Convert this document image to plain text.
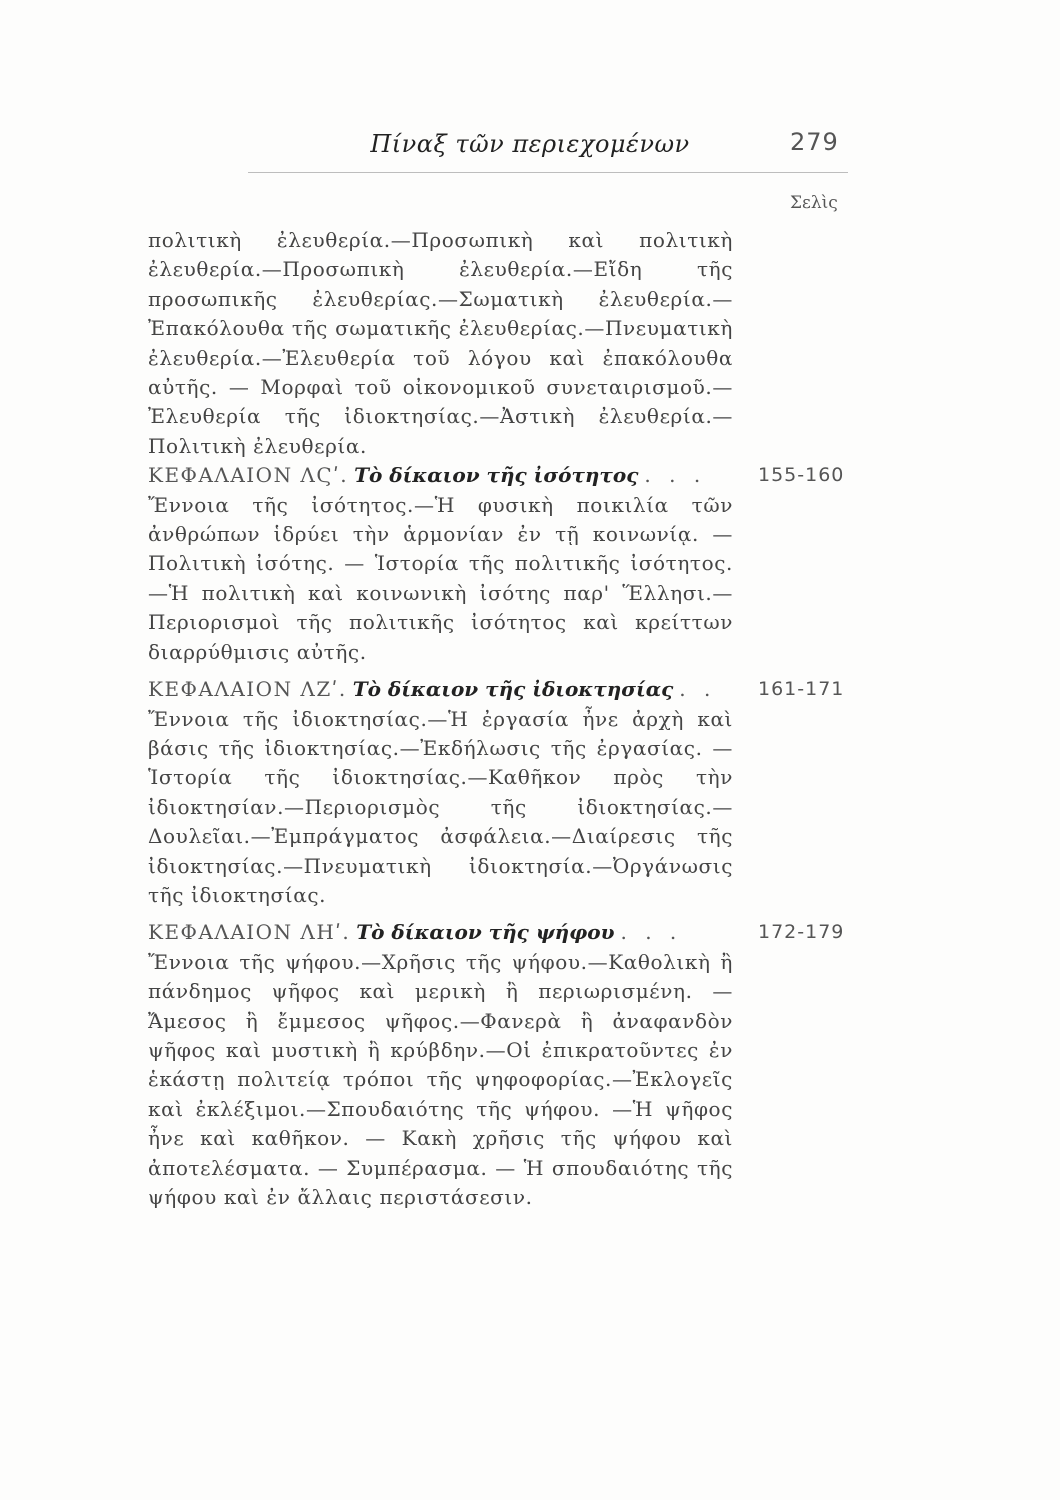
Πίναξ τῶν περιεχομένων	279
Σελὶς

πολιτικὴ ἐλευθερία.—Προσωπικὴ καὶ πολιτικὴ ἐλευθερία.—Προσωπικὴ ἐλευθερία.—Εἴδη τῆς προσωπικῆς ἐλευθερίας.—Σωματικὴ ἐλευθερία.—Ἐπακόλουθα τῆς σωματικῆς ἐλευθερίας.—Πνευματικὴ ἐλευθερία.—Ἐλευθερία τοῦ λόγου καὶ ἐπακόλουθα αὐτῆς. — Μορφαὶ τοῦ οἰκονομικοῦ συνεταιρισμοῦ.—Ἐλευθερία τῆς ἰδιοκτησίας.—Ἀστικὴ ἐλευθερία.—Πολιτικὴ ἐλευθερία.

ΚΕΦΑΛΑΙΟΝ ΛϚʹ. Τὸ δίκαιον τῆς ἰσότητος . . .	155-160

Ἔννοια τῆς ἰσότητος.—Ἡ φυσικὴ ποικιλία τῶν ἀνθρώπων ἱδρύει τὴν ἁρμονίαν ἐν τῇ κοινωνίᾳ. — Πολιτικὴ ἰσότης. — Ἱστορία τῆς πολιτικῆς ἰσότητος.—Ἡ πολιτικὴ καὶ κοινωνικὴ ἰσότης παρ' Ἕλλησι.—Περιορισμοὶ τῆς πολιτικῆς ἰσότητος καὶ κρείττων διαρρύθμισις αὐτῆς.

ΚΕΦΑΛΑΙΟΝ ΛΖʹ. Τὸ δίκαιον τῆς ἰδιοκτησίας . . 161-171

Ἔννοια τῆς ἰδιοκτησίας.—Ἡ ἐργασία ἦνε ἀρχὴ καὶ βάσις τῆς ἰδιοκτησίας.—Ἐκδήλωσις τῆς ἐργασίας. —Ἱστορία τῆς ἰδιοκτησίας.—Καθῆκον πρὸς τὴν ἰδιοκτησίαν.—Περιορισμὸς τῆς ἰδιοκτησίας.—Δουλεῖαι.—Ἐμπράγματος ἀσφάλεια.—Διαίρεσις τῆς ἰδιοκτησίας.—Πνευματικὴ ἰδιοκτησία.—Ὀργάνωσις τῆς ἰδιοκτησίας.

ΚΕΦΑΛΑΙΟΝ ΛΗʹ. Τὸ δίκαιον τῆς ψήφου . . .	172-179

Ἔννοια τῆς ψήφου.—Χρῆσις τῆς ψήφου.—Καθολικὴ ἢ πάνδημος ψῆφος καὶ μερικὴ ἢ περιωρισμένη. —Ἄμεσος ἢ ἔμμεσος ψῆφος.—Φανερὰ ἢ ἀναφανδὸν ψῆφος καὶ μυστικὴ ἢ κρύβδην.—Οἱ ἐπικρατοῦντες ἐν ἑκάστῃ πολιτείᾳ τρόποι τῆς ψηφοφορίας.—Ἐκλογεῖς καὶ ἐκλέξιμοι.—Σπουδαιότης τῆς ψήφου. —Ἡ ψῆφος ἦνε καὶ καθῆκον. — Κακὴ χρῆσις τῆς ψήφου καὶ ἀποτελέσματα. — Συμπέρασμα. — Ἡ σπουδαιότης τῆς ψήφου καὶ ἐν ἄλλαις περιστάσεσιν.
